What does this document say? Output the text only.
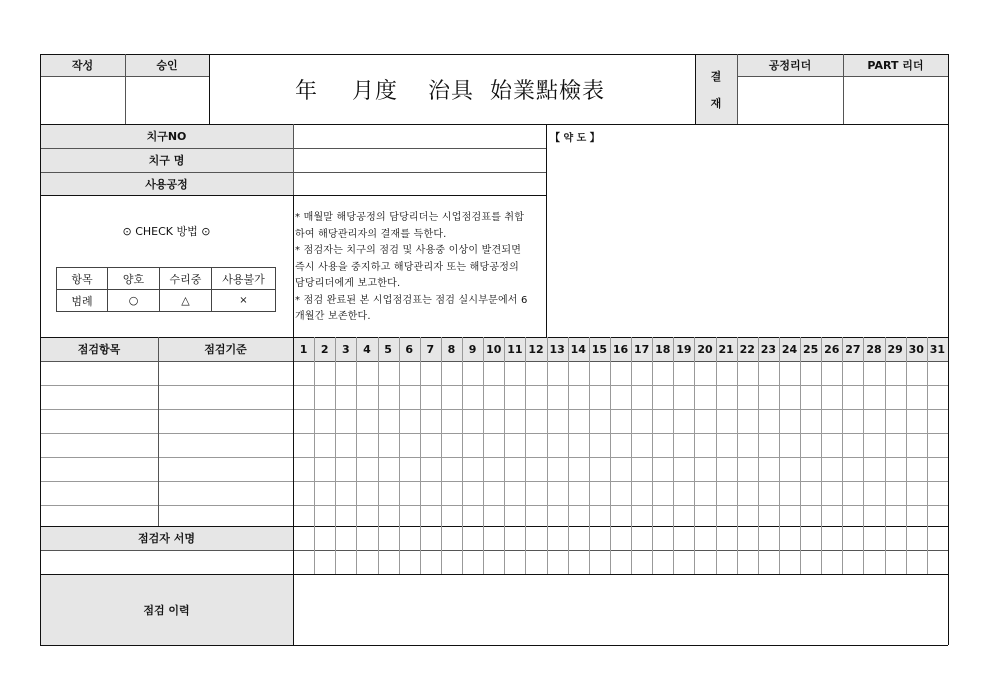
작성	승인
年 月度 治具  始業點檢表
결
재
공정리더	PART 리더
치구NO
치구 명
사용공정
【 약 도 】
⊙ CHECK 방법 ⊙
항목	양호	수리중	사용불가
범례	○	△	×
* 매월말 해당공정의 담당리더는 시업점검표를 취합
하여 해당관리자의 결재를 득한다.
* 점검자는 치구의 점검 및 사용중 이상이 발견되면
즉시 사용을 중지하고 해당관리자 또는 해당공정의
담당리더에게 보고한다.
* 점검 완료된 본 시업점검표는 점검 실시부문에서 6
개월간 보존한다.
점검항목	점검기준	1	2	3	4	5	6	7	8	9 10 11 12 13 14 15 16 17 18 19 20 21 22 23 24 25 26 27 28 29 30 31
점검자 서명
점검 이력
